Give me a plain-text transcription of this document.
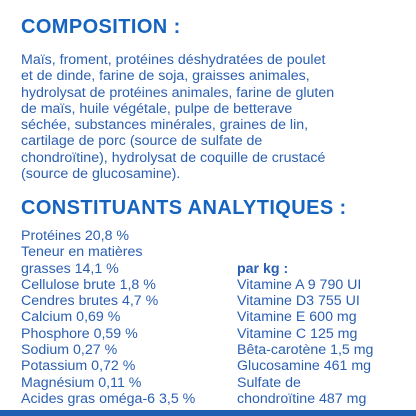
COMPOSITION :

Maïs, froment, protéines déshydratées de poulet
et de dinde, farine de soja, graisses animales,
hydrolysat de protéines animales, farine de gluten
de maïs, huile végétale, pulpe de betterave
séchée, substances minérales, graines de lin,
cartilage de porc (source de sulfate de
chondroïtine), hydrolysat de coquille de crustacé
(source de glucosamine).

CONSTITUANTS ANALYTIQUES :
Protéines 20,8 %
Teneur en matières
grasses 14,1 %
Cellulose brute 1,8 %
Cendres brutes 4,7 %
Calcium 0,69 %
Phosphore 0,59 %
Sodium 0,27 %
Potassium 0,72 %
Magnésium 0,11 %
Acides gras oméga-6 3,5 %
par kg :
Vitamine A 9 790 UI
Vitamine D3 755 UI
Vitamine E 600 mg
Vitamine C 125 mg
Bêta-carotène 1,5 mg
Glucosamine 461 mg
Sulfate de
chondroïtine 487 mg
